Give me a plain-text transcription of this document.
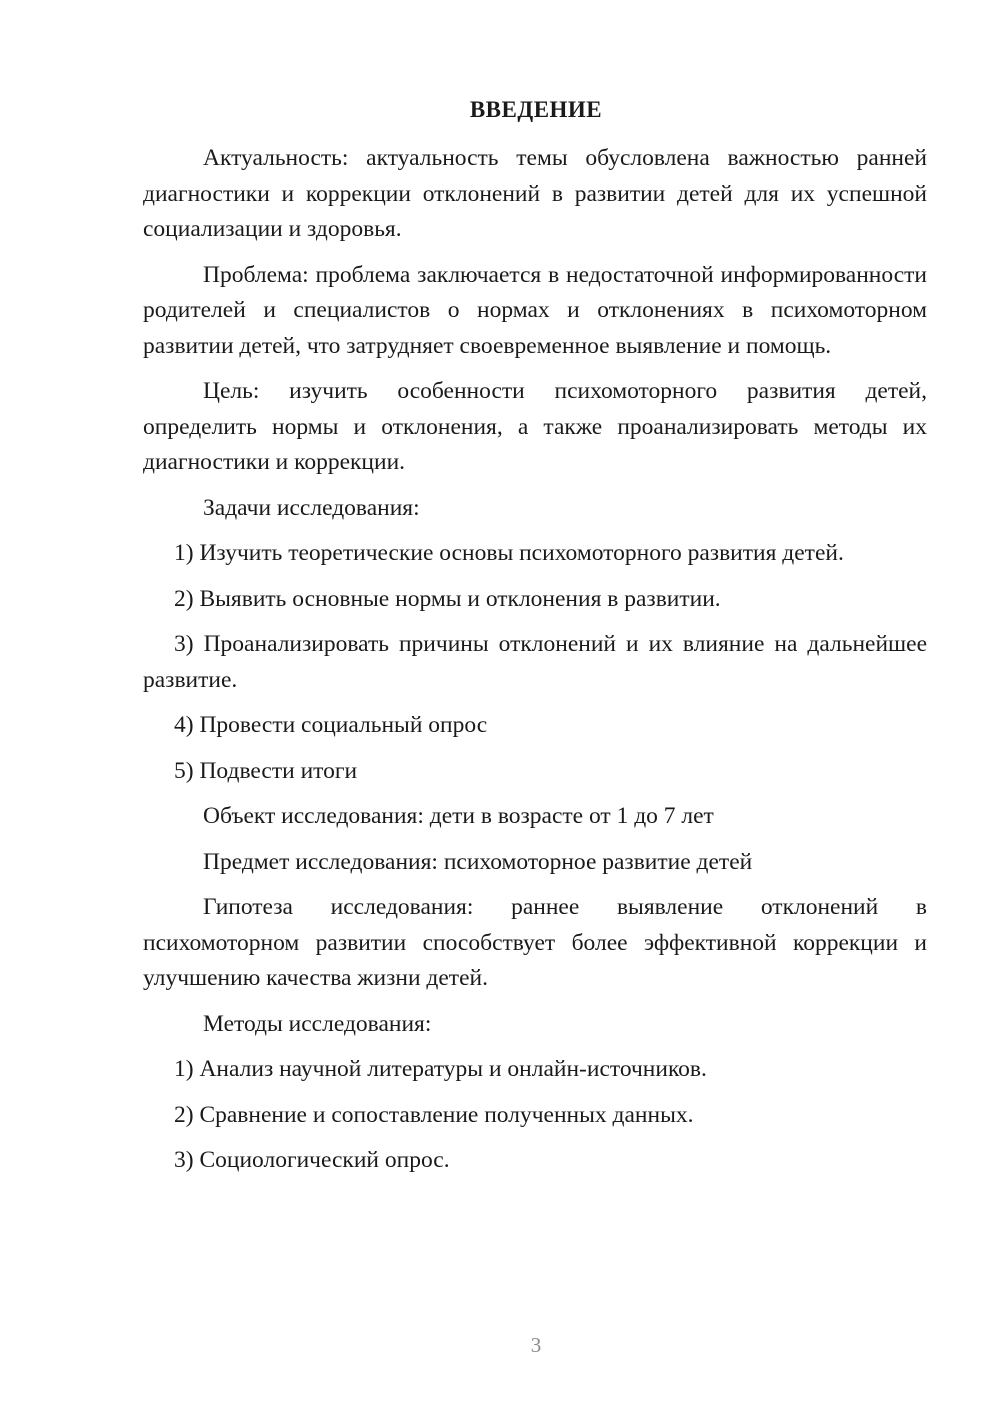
ВВЕДЕНИЕ

Актуальность: актуальность темы обусловлена важностью ранней диагностики и коррекции отклонений в развитии детей для их успешной социализации и здоровья.

Проблема: проблема заключается в недостаточной информированности родителей и специалистов о нормах и отклонениях в психомоторном развитии детей, что затрудняет своевременное выявление и помощь.

Цель: изучить особенности психомоторного развития детей, определить нормы и отклонения, а также проанализировать методы их диагностики и коррекции.

Задачи исследования:

1) Изучить теоретические основы психомоторного развития детей.

2) Выявить основные нормы и отклонения в развитии.

3) Проанализировать причины отклонений и их влияние на дальнейшее развитие.

4) Провести социальный опрос

5) Подвести итоги

Объект исследования: дети в возрасте от 1 до 7 лет

Предмет исследования: психомоторное развитие детей

Гипотеза исследования: раннее выявление отклонений в психомоторном развитии способствует более эффективной коррекции и улучшению качества жизни детей.

Методы исследования:

1) Анализ научной литературы и онлайн-источников.

2) Сравнение и сопоставление полученных данных.

3) Социологический опрос.

3
